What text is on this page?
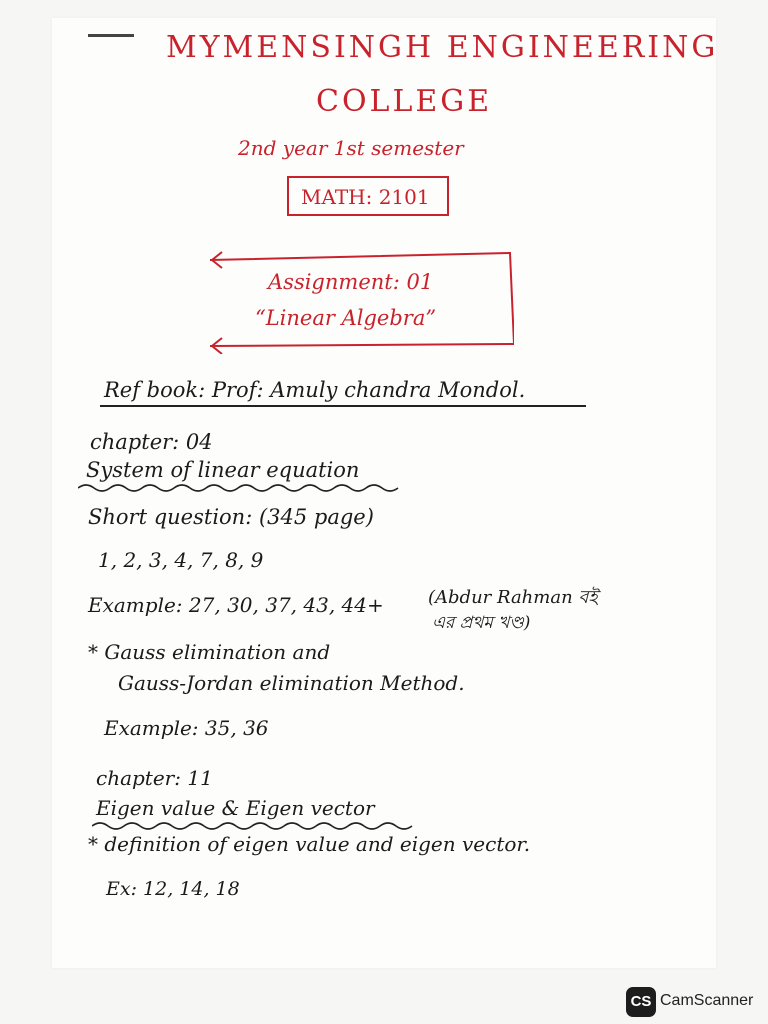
MYMENSINGH ENGINEERING
COLLEGE
2nd year 1st semester
MATH: 2101
Assignment: 01
“Linear Algebra”
Ref book: Prof: Amuly chandra Mondol.
chapter: 04
System of linear equation
Short question: (345 page)
1, 2, 3, 4, 7, 8, 9
Example: 27, 30, 37, 43, 44+ (Abdur Rahman বই
এর প্রথম খণ্ড)
* Gauss elimination and
Gauss-Jordan elimination Method.
Example: 35, 36
chapter: 11
Eigen value & Eigen vector
* definition of eigen value and eigen vector.
Ex: 12, 14, 18
CS CamScanner
